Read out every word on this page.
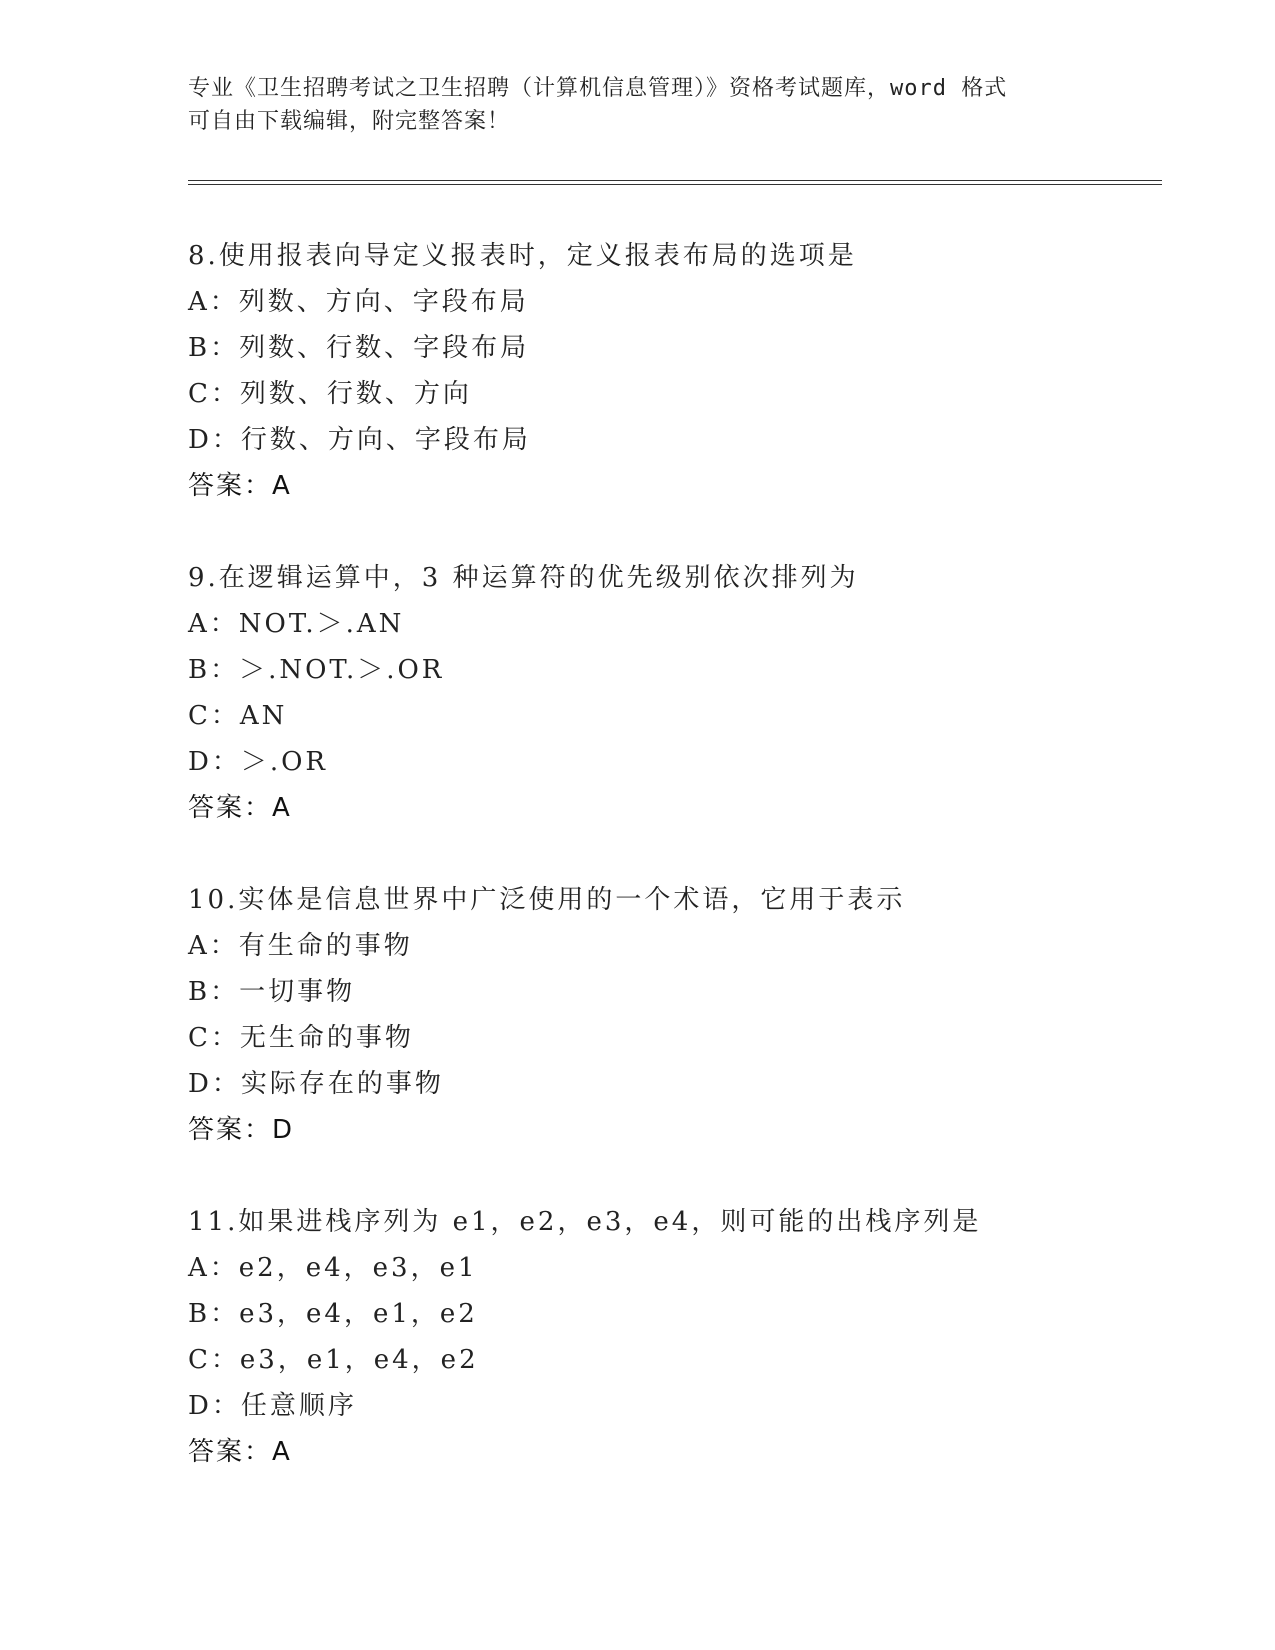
专业《卫生招聘考试之卫生招聘（计算机信息管理）》资格考试题库，word 格式
可自由下载编辑，附完整答案！
8.使用报表向导定义报表时，定义报表布局的选项是
A：列数、方向、字段布局
B：列数、行数、字段布局
C：列数、行数、方向
D：行数、方向、字段布局
答案：A
9.在逻辑运算中，3 种运算符的优先级别依次排列为
A：NOT.＞.AN
B：＞.NOT.＞.OR
C：AN
D：＞.OR
答案：A
10.实体是信息世界中广泛使用的一个术语，它用于表示
A：有生命的事物
B：一切事物
C：无生命的事物
D：实际存在的事物
答案：D
11.如果进栈序列为 e1，e2，e3，e4，则可能的出栈序列是
A：e2，e4，e3，e1
B：e3，e4，e1，e2
C：e3，e1，e4，e2
D：任意顺序
答案：A
